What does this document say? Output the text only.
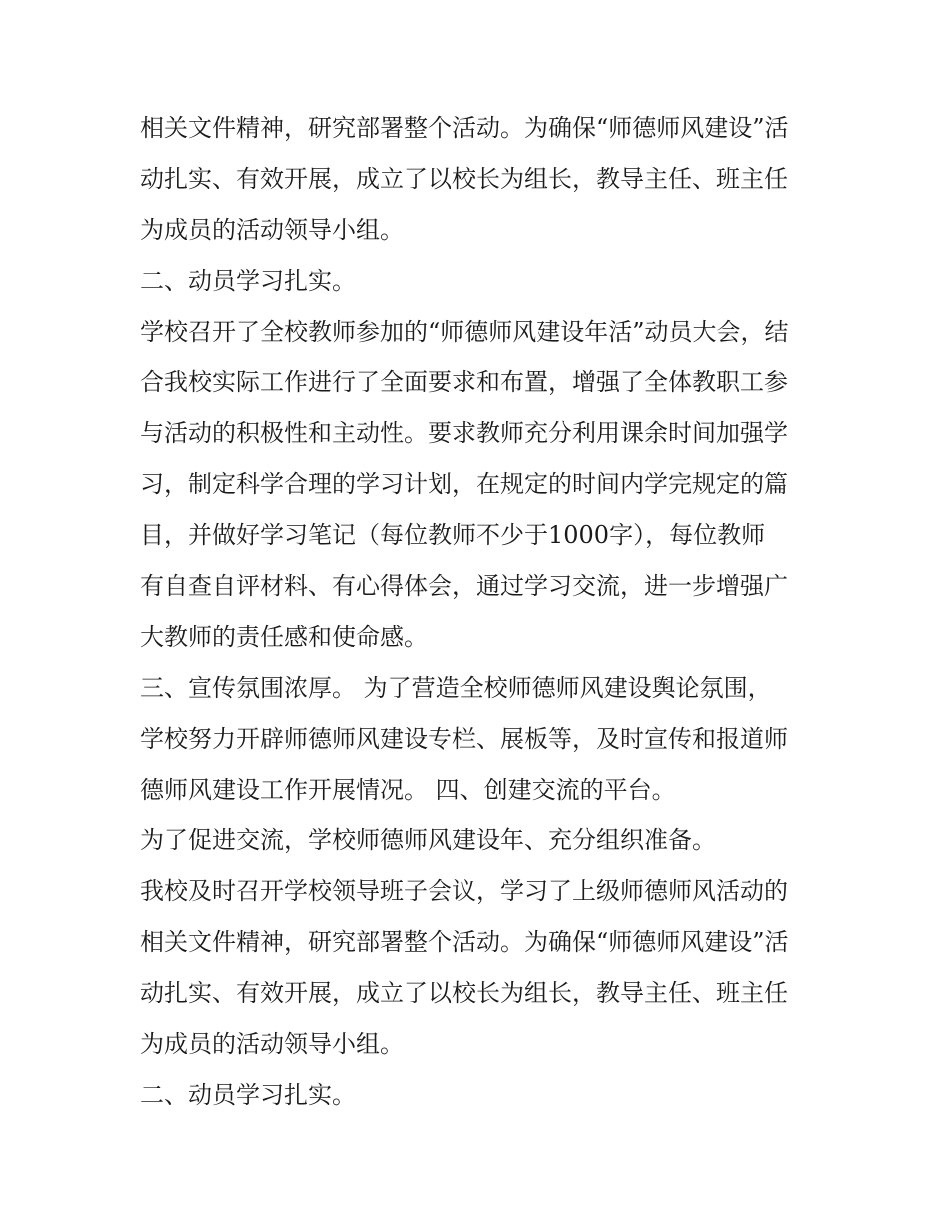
相关文件精神，研究部署整个活动。为确保“师德师风建设”活
动扎实、有效开展，成立了以校长为组长，教导主任、班主任
为成员的活动领导小组。
二、动员学习扎实。
学校召开了全校教师参加的“师德师风建设年活”动员大会，结
合我校实际工作进行了全面要求和布置，增强了全体教职工参
与活动的积极性和主动性。要求教师充分利用课余时间加强学
习，制定科学合理的学习计划，在规定的时间内学完规定的篇
目，并做好学习笔记（每位教师不少于1000字），每位教师
有自查自评材料、有心得体会，通过学习交流，进一步增强广
大教师的责任感和使命感。
三、宣传氛围浓厚。 为了营造全校师德师风建设舆论氛围，
学校努力开辟师德师风建设专栏、展板等，及时宣传和报道师
德师风建设工作开展情况。 四、创建交流的平台。
为了促进交流，学校师德师风建设年、充分组织准备。
我校及时召开学校领导班子会议，学习了上级师德师风活动的
相关文件精神，研究部署整个活动。为确保“师德师风建设”活
动扎实、有效开展，成立了以校长为组长，教导主任、班主任
为成员的活动领导小组。
二、动员学习扎实。
